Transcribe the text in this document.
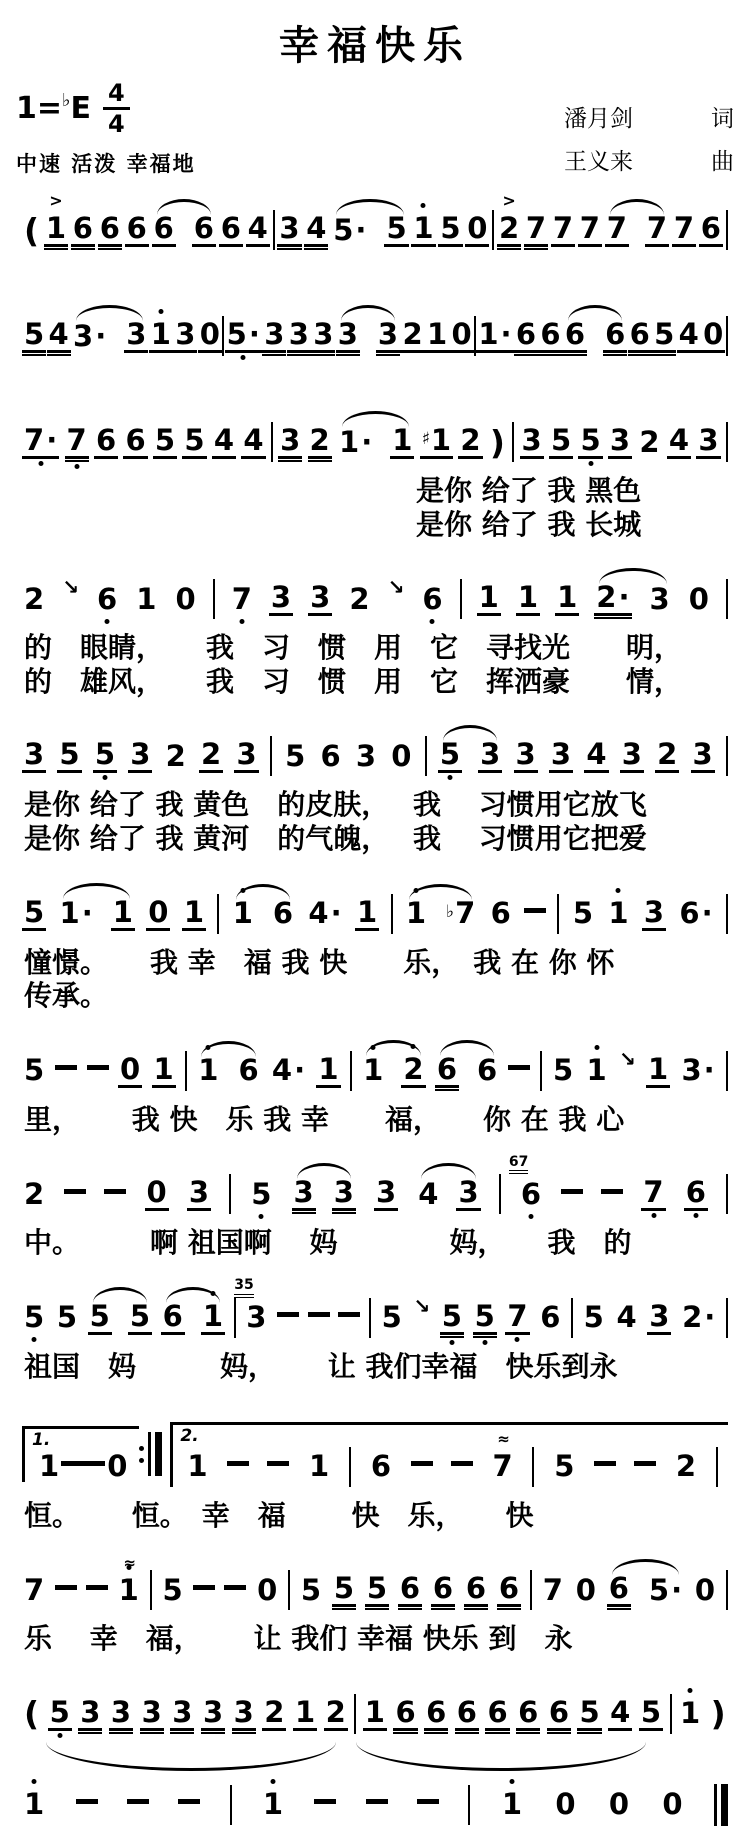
幸福快乐
1= ♭ E $\frac{4}{4}$
中速 活泼 幸福地
潘月剑	词
王义来	曲
( 1
>
6 6 6 6 6 6 4 3 4 5· 5 1 5 0 2
>
7 7 7 7 7 7 6
5 4 3· 3 1 3 0 5· 3 3 3 3 3 2 1 0 1· 6 6 6 6 6 5 4 0
7· 7 6 6 5 5 4 4 3 2 1· 1 ♯1 2 ) 3 5 5 3 2 4 3
　　　　　　　　　　　　　　是你 给了 我 黑色
　　　　　　　　　　　　　　是你 给了 我 长城
2 ↘ 6 1 0 7 3 3 2 ↘ 6 1 1 1 2· 3 0
的　眼睛，　　我　习　惯　用　它　寻找光　　明，
的　雄风，　　我　习　惯　用　它　挥洒豪　　情，
3 5 5 3 2 2 3 5 6 3 0 5 3 3 3 4 3 2 3
是你 给了 我 黄色　的皮肤，　 我　 习惯用它放飞
是你 给了 我 黄河　的气魄，　 我　 习惯用它把爱
5 1· 1 0 1 1 6 4· 1 1 ♭7 6 5 1 3 6·
憧憬。　　我 幸　福 我 快　　乐，　我 在 你 怀
传承。
5	0 1 1 6 4· 1 1 2 6 6 5 1 ↘ 1 3·
里，　　 我 快　乐 我 幸　　福，　　你 在 我 心
2	0 3 5 3 3 3 4 3 6
67
7 6
中。　　　啊 祖国啊　 妈　　　　妈，　　我　的
5 5 5 5 6 1 3
35
5 ↘ 5 5 7 6 5 4 3 2·
祖国　妈　　　妈，　　 让 我们幸福　快乐到永
1.
1 0
2.
1	1 6	7
≈
5	2
恒。　　 恒。　幸　福　　 快　乐，　　快
7	1
≈
5	0 5 5 5 6 6 6 6 7 0 6 5· 0
乐　 幸　福，　　 让 我们 幸福 快乐 到　永
( 5 3 3 3 3 3 3 2 1 2 1 6 6 6 6 6 6 5 4 5 1 )
1	1	1 0 0 0
